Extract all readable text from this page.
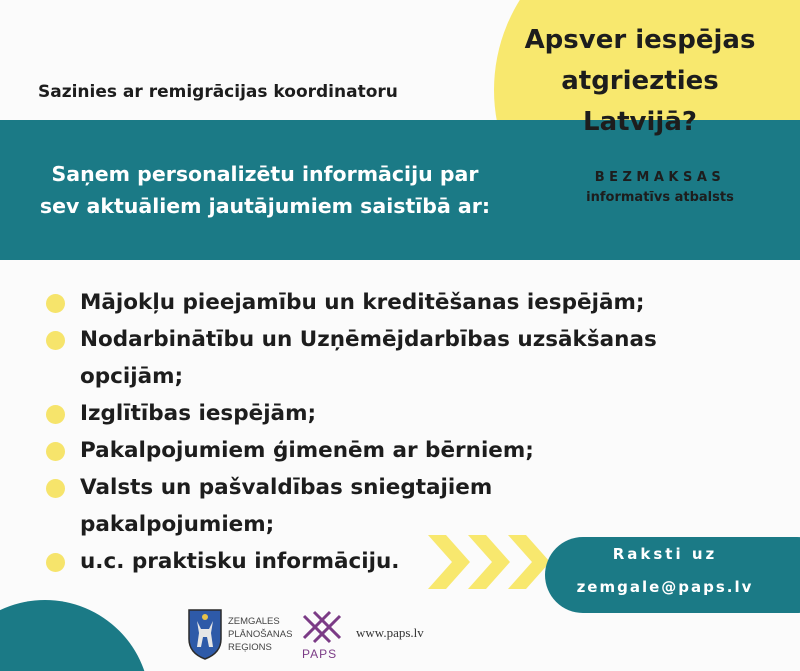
Sazinies ar remigrācijas koordinatoru
Saņem personalizētu informāciju par
sev aktuāliem jautājumiem saistībā ar:
Apsver iespējas
atgriezties
Latvijā?
BEZMAKSAS
informatīvs atbalsts
Mājokļu pieejamību un kreditēšanas iespējām;
Nodarbinātību un Uzņēmējdarbības uzsākšanas
opcijām;
Izglītības iespējām;
Pakalpojumiem ģimenēm ar bērniem;
Valsts un pašvaldības sniegtajiem
pakalpojumiem;
u.c. praktisku informāciju.	Raksti uz
zemgale@paps.lv
ZEMGALES
PLĀNOŠANAS
REĢIONS	PAPS
www.paps.lv
